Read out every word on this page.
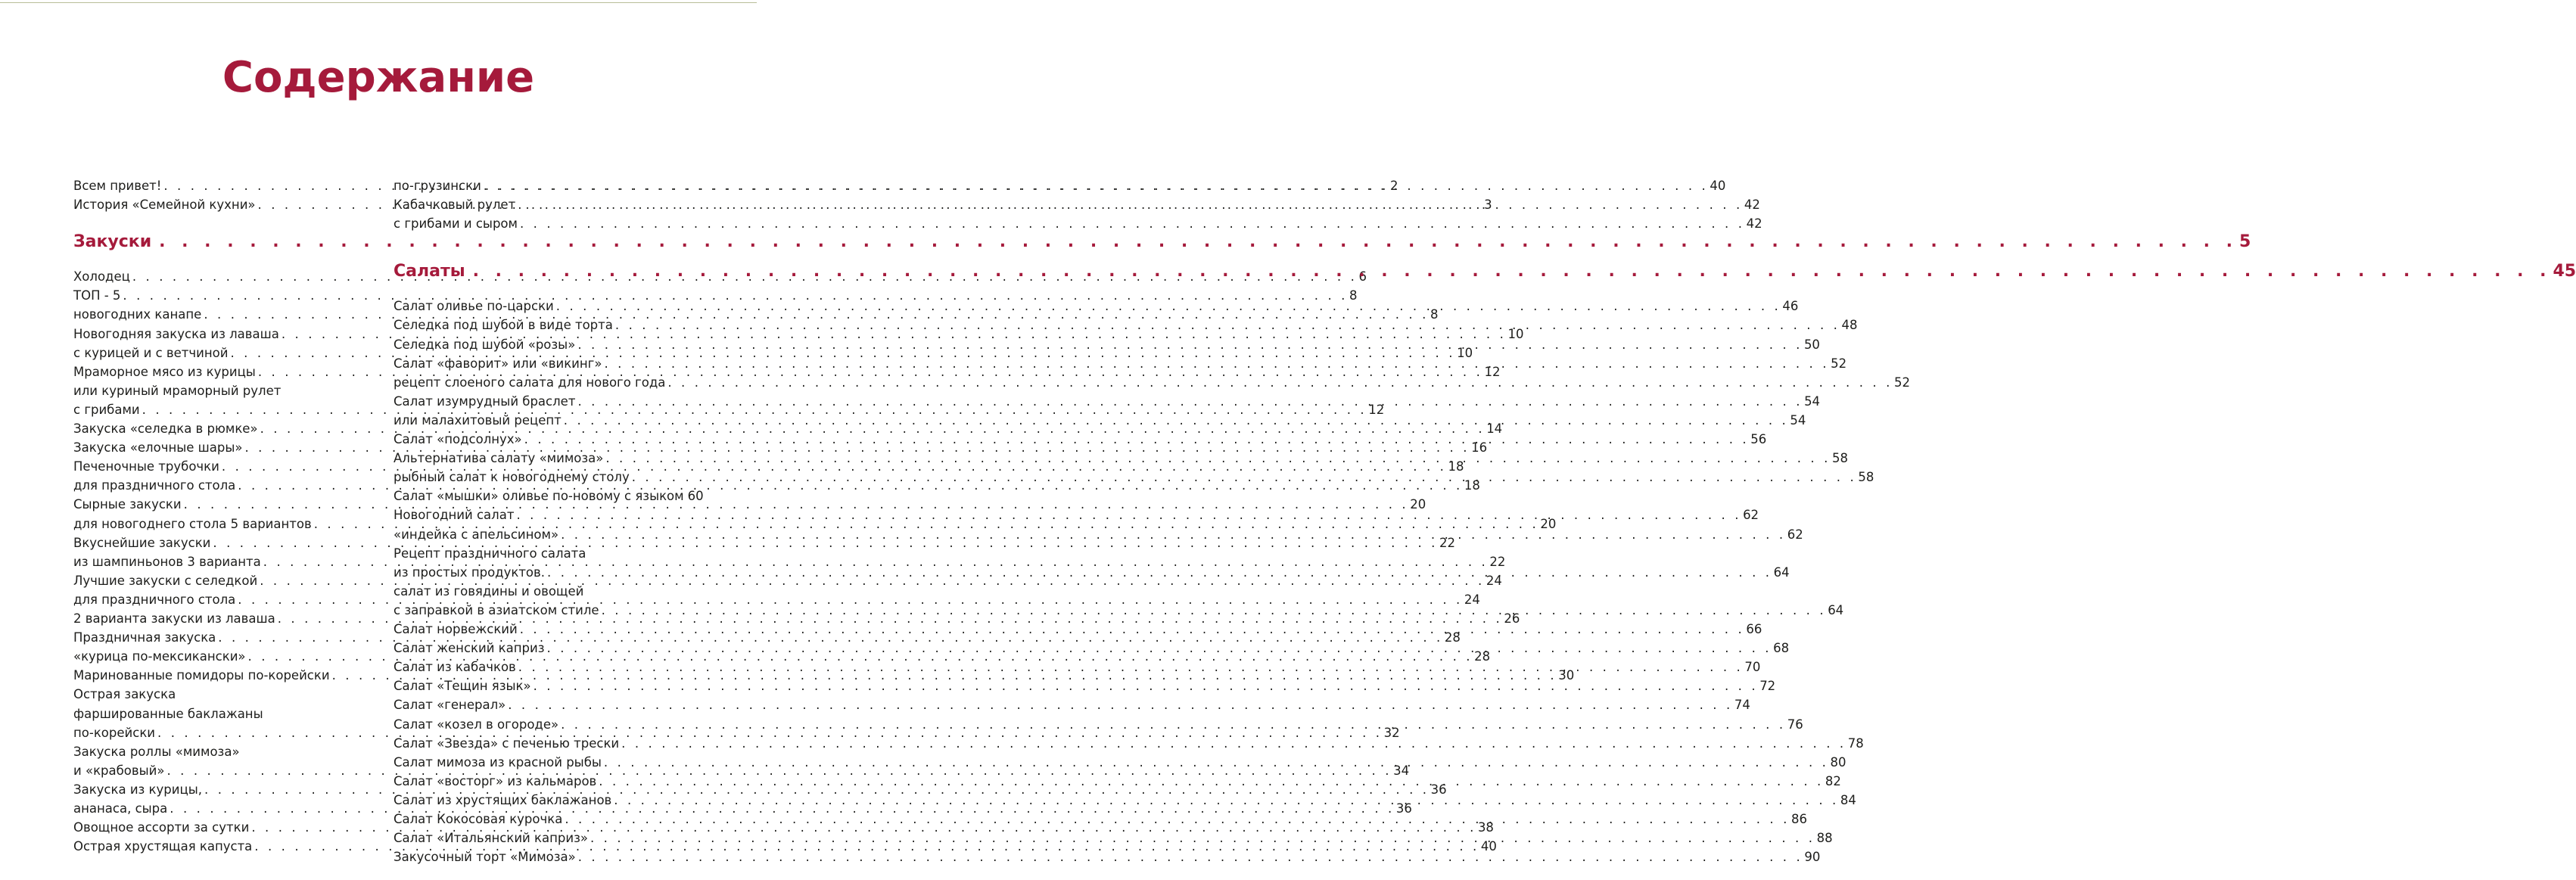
Содержание
Всем привет! . . .	2
История «Семейной кухни» . . .	3
Закуски . . .	5
Холодец . . .	6
ТОП - 5 . . .	8
новогодних канапе . . .	8
Новогодняя закуска из лаваша . . .	10
с курицей и с ветчиной . . .	10
Мраморное мясо из курицы . . .	12
или куриный мраморный рулет
с грибами . . .	12
Закуска «селедка в рюмке» . . .	14
Закуска «елочные шары» . . .	16
Печеночные трубочки . . .	18
для праздничного стола . . .	18
Сырные закуски . . .	20
для новогоднего стола 5 вариантов . . .	20
Вкуснейшие закуски . . .	22
из шампиньонов 3 варианта . . .	22
Лучшие закуски с селедкой . . .	24
для праздничного стола . . .	24
2 варианта закуски из лаваша . . .	26
Праздничная закуска . . .	28
«курица по-мексикански» . . .	28
Маринованные помидоры по-корейски . . .	30
Острая закуска
фаршированные баклажаны
по-корейски . . .	32
Закуска роллы «мимоза»
и «крабовый» . . .	34
Закуска из курицы, . . .	36
ананаса, сыра . . .	36
Овощное ассорти за сутки . . .	38
Острая хрустящая капуста . . .	40
по-грузински . . .	40
Кабачковый рулет . . .	42
с грибами и сыром . . .	42
Салаты . . .	45
Салат оливье по-царски . . .	46
Селедка под шубой в виде торта . . .	48
Селедка под шубой «розы» . . .	50
Салат «фаворит» или «викинг» . . .	52
рецепт слоеного салата для нового года . . .	52
Салат изумрудный браслет . . .	54
или малахитовый рецепт . . .	54
Салат «подсолнух» . . .	56
Альтернатива салату «мимоза» . . .	58
рыбный салат к новогоднему столу . . .	58
Салат «мышки» оливье по-новому с языком 60
Новогодний салат . . .	62
«индейка с апельсином» . . .	62
Рецепт праздничного салата
из простых продуктов. . . .	64
салат из говядины и овощей
с заправкой в азиатском стиле . . .	64
Салат норвежский . . .	66
Салат женский каприз . . .	68
Салат из кабачков . . .	70
Салат «Тещин язык» . . .	72
Салат «генерал» . . .	74
Салат «козел в огороде» . . .	76
Салат «Звезда» с печенью трески . . .	78
Салат мимоза из красной рыбы . . .	80
Салат «восторг» из кальмаров . . .	82
Салат из хрустящих баклажанов . . .	84
Салат Кокосовая курочка . . .	86
Салат «Итальянский каприз» . . .	88
Закусочный торт «Мимоза» . . .	90
